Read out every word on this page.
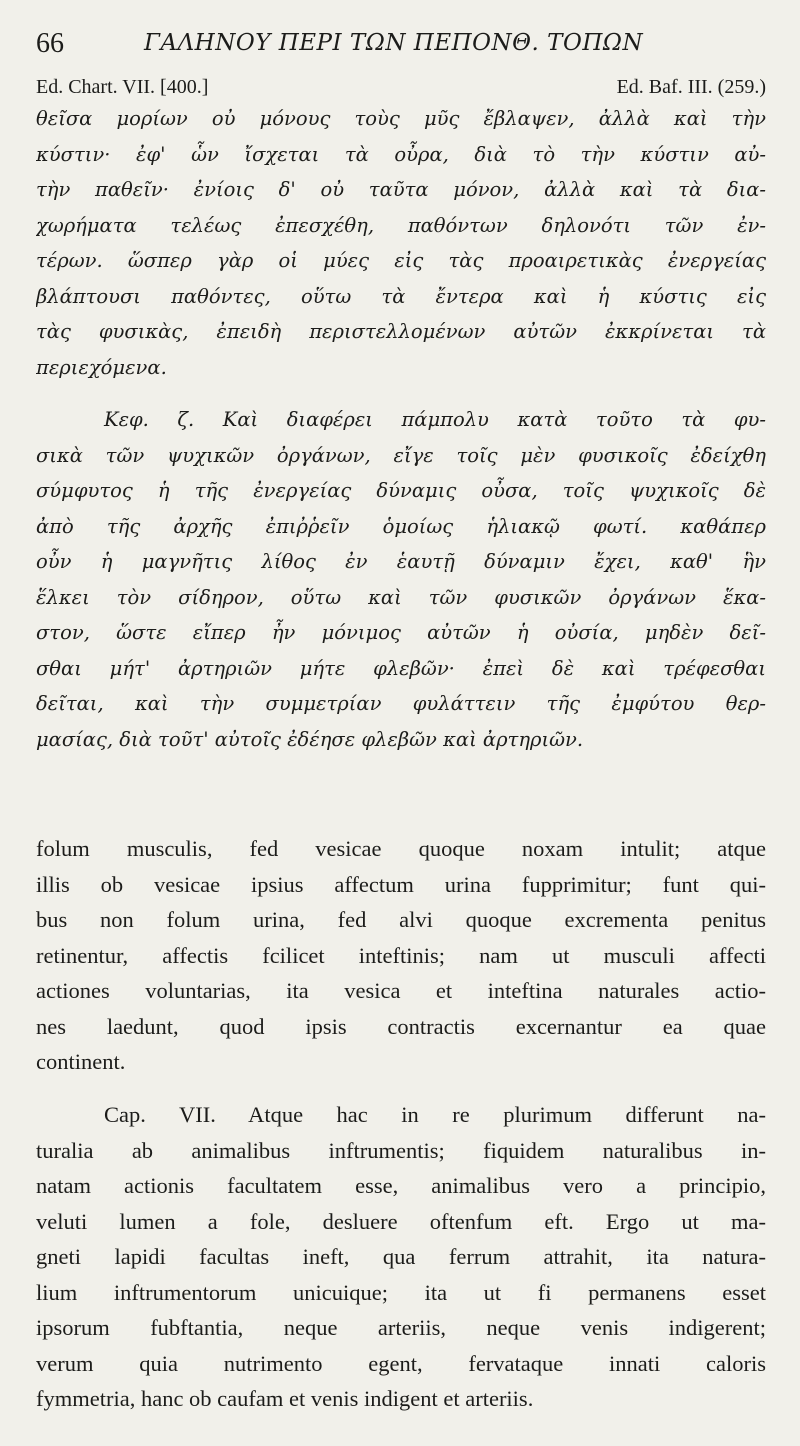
66	ΓΑΛΗΝΟΥ ΠΕΡΙ ΤΩΝ ΠΕΠΟΝΘ. ΤΟΠΩΝ
Ed. Chart. VII. [400.]	Ed. Baf. III. (259.)
θεῖσα μορίων οὐ μόνους τοὺς μῦς ἔβλαψεν, ἀλλὰ καὶ τὴν
κύστιν· ἐφ' ὧν ἴσχεται τὰ οὖρα, διὰ τὸ τὴν κύστιν αὐ-
τὴν παθεῖν· ἐνίοις δ' οὐ ταῦτα μόνον, ἀλλὰ καὶ τὰ δια-
χωρήματα τελέως ἐπεσχέθη, παθόντων δηλονότι τῶν ἐν-
τέρων. ὥσπερ γὰρ οἱ μύες εἰς τὰς προαιρετικὰς ἐνεργείας
βλάπτουσι παθόντες, οὕτω τὰ ἔντερα καὶ ἡ κύστις εἰς
τὰς φυσικὰς, ἐπειδὴ περιστελλομένων αὐτῶν ἐκκρίνεται τὰ
περιεχόμενα.
Κεφ. ζ. Καὶ διαφέρει πάμπολυ κατὰ τοῦτο τὰ φυ-
σικὰ τῶν ψυχικῶν ὀργάνων, εἴγε τοῖς μὲν φυσικοῖς ἐδείχθη
σύμφυτος ἡ τῆς ἐνεργείας δύναμις οὖσα, τοῖς ψυχικοῖς δὲ
ἀπὸ τῆς ἀρχῆς ἐπιῤῥεῖν ὁμοίως ἡλιακῷ φωτί. καθάπερ
οὖν ἡ μαγνῆτις λίθος ἐν ἑαυτῇ δύναμιν ἔχει, καθ' ἣν
ἕλκει τὸν σίδηρον, οὕτω καὶ τῶν φυσικῶν ὀργάνων ἕκα-
στον, ὥστε εἴπερ ἦν μόνιμος αὐτῶν ἡ οὐσία, μηδὲν δεῖ-
σθαι μήτ' ἀρτηριῶν μήτε φλεβῶν· ἐπεὶ δὲ καὶ τρέφεσθαι
δεῖται, καὶ τὴν συμμετρίαν φυλάττειν τῆς ἐμφύτου θερ-
μασίας, διὰ τοῦτ' αὐτοῖς ἐδέησε φλεβῶν καὶ ἀρτηριῶν.
folum musculis, fed vesicae quoque noxam intulit; atque
illis ob vesicae ipsius affectum urina fupprimitur; funt qui-
bus non folum urina, fed alvi quoque excrementa penitus
retinentur, affectis fcilicet inteftinis; nam ut musculi affecti
actiones voluntarias, ita vesica et inteftina naturales actio-
nes laedunt, quod ipsis contractis excernantur ea quae
continent.
Cap. VII. Atque hac in re plurimum differunt na-
turalia ab animalibus inftrumentis; fiquidem naturalibus in-
natam actionis facultatem esse, animalibus vero a principio,
veluti lumen a fole, desluere oftenfum eft. Ergo ut ma-
gneti lapidi facultas ineft, qua ferrum attrahit, ita natura-
lium inftrumentorum unicuique; ita ut fi permanens esset
ipsorum fubftantia, neque arteriis, neque venis indigerent;
verum quia nutrimento egent, fervataque innati caloris
fymmetria, hanc ob caufam et venis indigent et arteriis.
